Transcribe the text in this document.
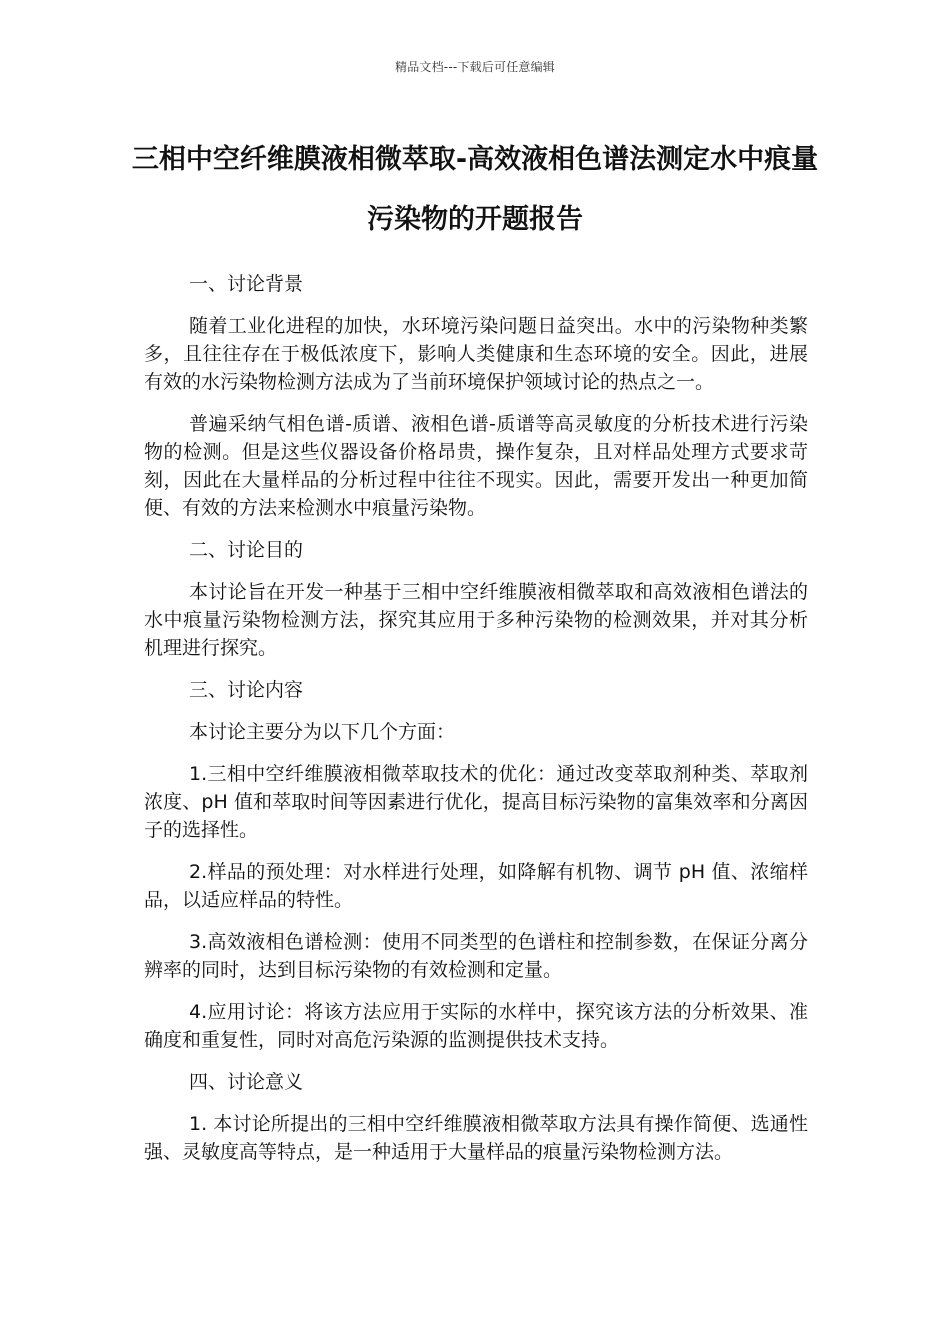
精品文档---下载后可任意编辑
三相中空纤维膜液相微萃取-高效液相色谱法测定水中痕量污染物的开题报告

一、讨论背景

随着工业化进程的加快，水环境污染问题日益突出。水中的污染物种类繁多，且往往存在于极低浓度下，影响人类健康和生态环境的安全。因此，进展有效的水污染物检测方法成为了当前环境保护领域讨论的热点之一。

普遍采纳气相色谱-质谱、液相色谱-质谱等高灵敏度的分析技术进行污染物的检测。但是这些仪器设备价格昂贵，操作复杂，且对样品处理方式要求苛刻，因此在大量样品的分析过程中往往不现实。因此，需要开发出一种更加简便、有效的方法来检测水中痕量污染物。

二、讨论目的

本讨论旨在开发一种基于三相中空纤维膜液相微萃取和高效液相色谱法的水中痕量污染物检测方法，探究其应用于多种污染物的检测效果，并对其分析机理进行探究。

三、讨论内容

本讨论主要分为以下几个方面：

1.三相中空纤维膜液相微萃取技术的优化：通过改变萃取剂种类、萃取剂浓度、pH 值和萃取时间等因素进行优化，提高目标污染物的富集效率和分离因子的选择性。

2.样品的预处理：对水样进行处理，如降解有机物、调节 pH 值、浓缩样品，以适应样品的特性。

3.高效液相色谱检测：使用不同类型的色谱柱和控制参数，在保证分离分辨率的同时，达到目标污染物的有效检测和定量。

4.应用讨论：将该方法应用于实际的水样中，探究该方法的分析效果、准确度和重复性，同时对高危污染源的监测提供技术支持。

四、讨论意义

1. 本讨论所提出的三相中空纤维膜液相微萃取方法具有操作简便、选通性强、灵敏度高等特点，是一种适用于大量样品的痕量污染物检测方法。
